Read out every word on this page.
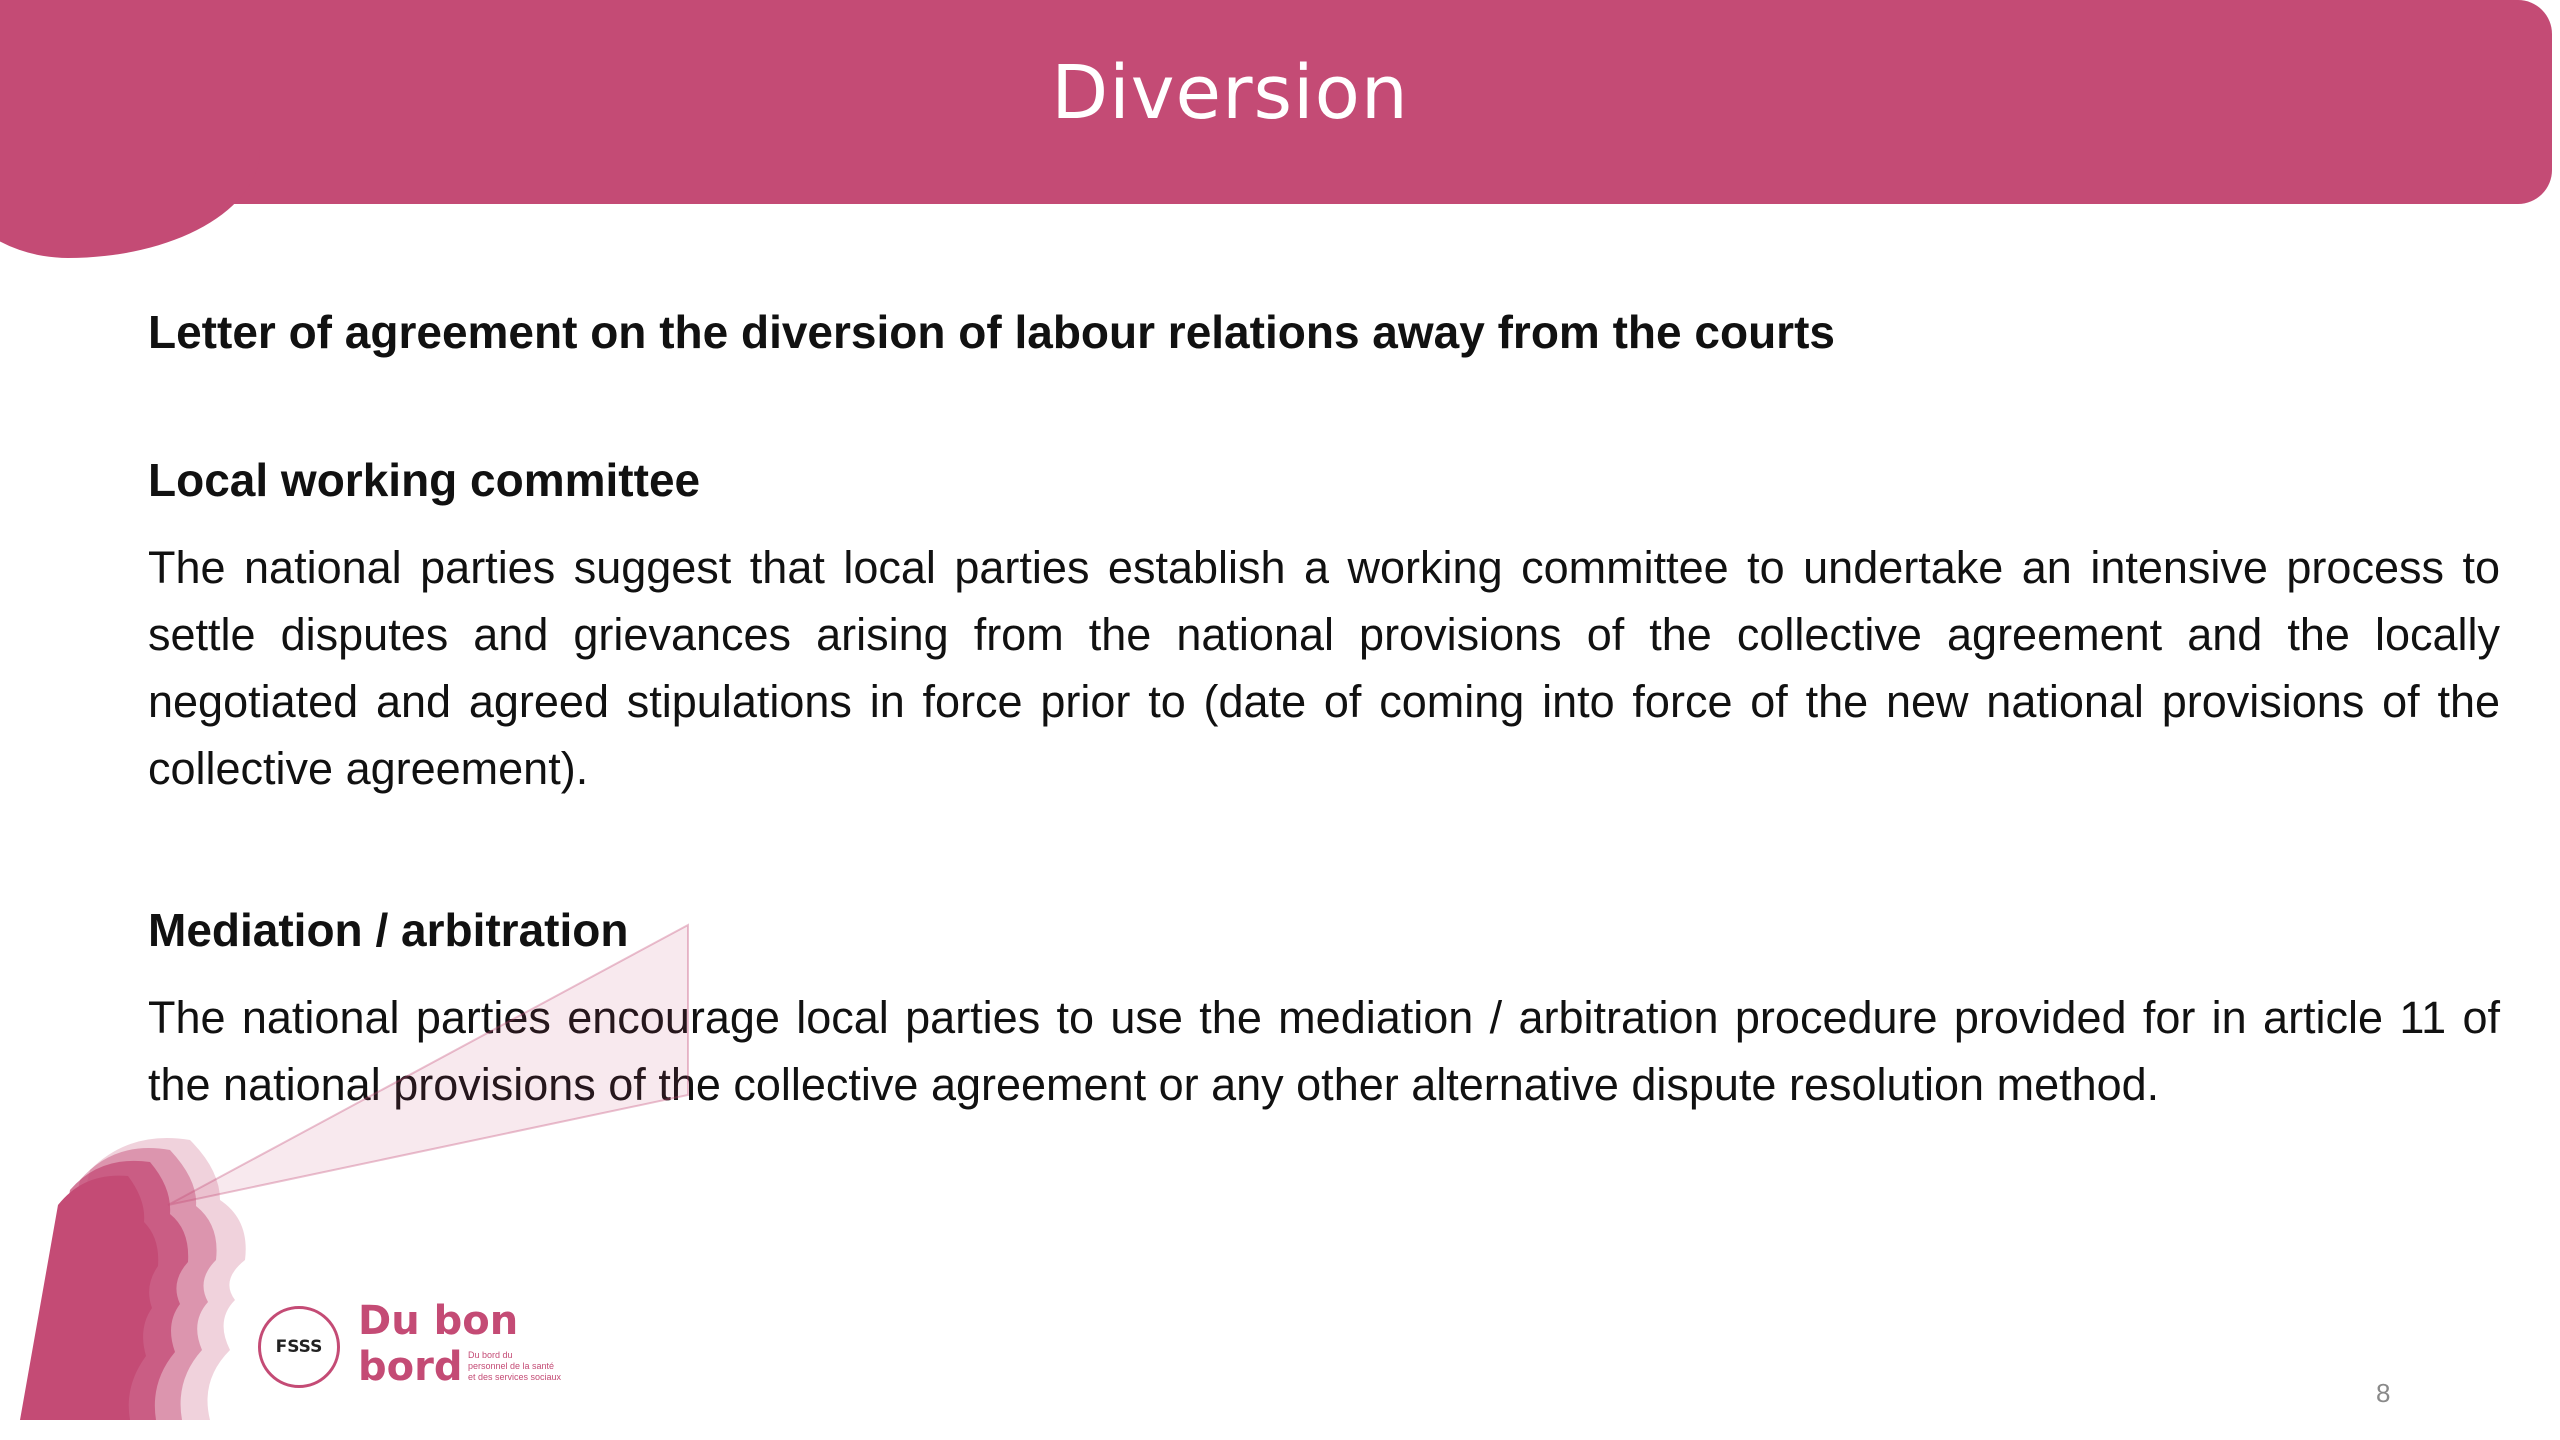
Diversion
Letter of agreement on the diversion of labour relations away from the courts
Local working committee

The national parties suggest that local parties establish a working committee to undertake an intensive process to settle disputes and grievances arising from the national provisions of the collective agreement and the locally negotiated and agreed stipulations in force prior to (date of coming into force of the new national provisions of the collective agreement).

Mediation / arbitration

The national parties encourage local parties to use the mediation / arbitration procedure provided for in article 11 of the national provisions of the collective agreement or any other alternative dispute resolution method.

FSSS
Du bon
bord Du bord du
personnel de la santé
et des services sociaux
8
